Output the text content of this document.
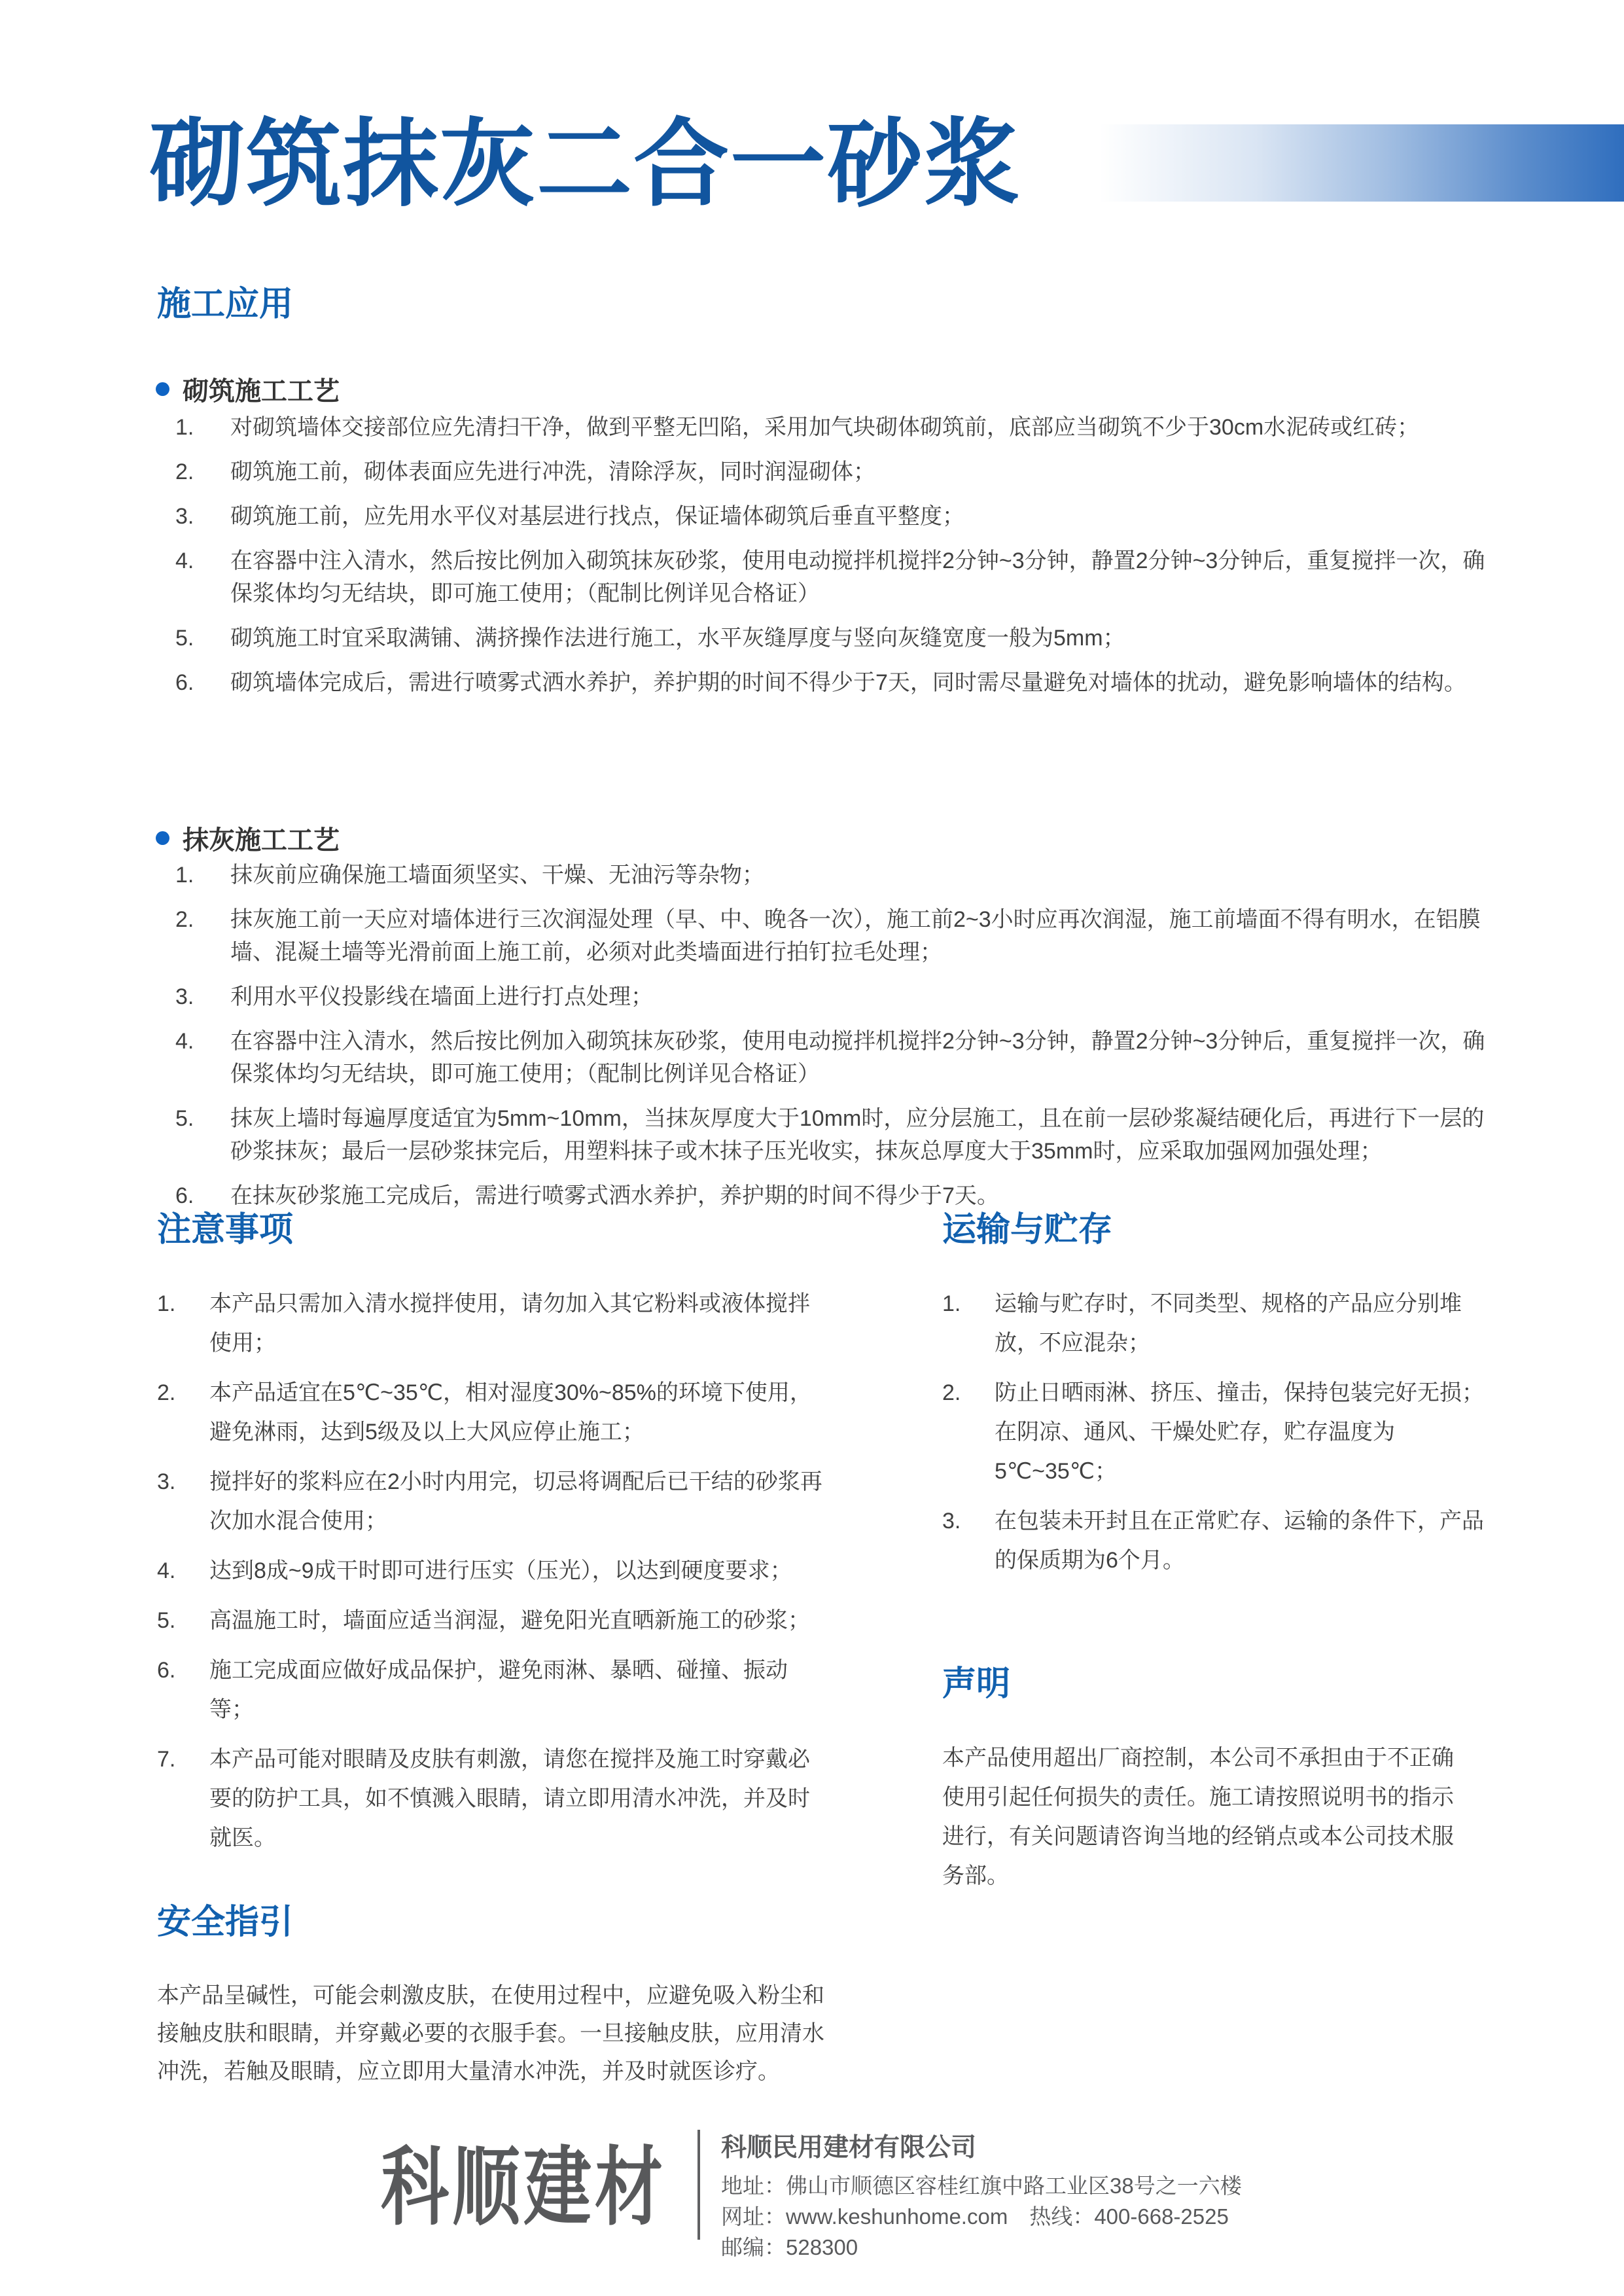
砌筑抹灰二合一砂浆
施工应用
砌筑施工工艺
1.	对砌筑墙体交接部位应先清扫干净，做到平整无凹陷，采用加气块砌体砌筑前，底部应当砌筑不少于30cm水泥砖或红砖；
2.	砌筑施工前，砌体表面应先进行冲洗，清除浮灰，同时润湿砌体；
3.	砌筑施工前，应先用水平仪对基层进行找点，保证墙体砌筑后垂直平整度；
4.	在容器中注入清水，然后按比例加入砌筑抹灰砂浆，使用电动搅拌机搅拌2分钟~3分钟，静置2分钟~3分钟后，重复搅拌一次，确保浆体均匀无结块，即可施工使用；（配制比例详见合格证）
5.	砌筑施工时宜采取满铺、满挤操作法进行施工，水平灰缝厚度与竖向灰缝宽度一般为5mm；
6.	砌筑墙体完成后，需进行喷雾式洒水养护，养护期的时间不得少于7天，同时需尽量避免对墙体的扰动，避免影响墙体的结构。
抹灰施工工艺
1.	抹灰前应确保施工墙面须坚实、干燥、无油污等杂物；
2.	抹灰施工前一天应对墙体进行三次润湿处理（早、中、晚各一次），施工前2~3小时应再次润湿，施工前墙面不得有明水，在铝膜墙、混凝土墙等光滑前面上施工前，必须对此类墙面进行拍钉拉毛处理；
3.	利用水平仪投影线在墙面上进行打点处理；
4.	在容器中注入清水，然后按比例加入砌筑抹灰砂浆，使用电动搅拌机搅拌2分钟~3分钟，静置2分钟~3分钟后，重复搅拌一次，确保浆体均匀无结块，即可施工使用；（配制比例详见合格证）
5.	抹灰上墙时每遍厚度适宜为5mm~10mm，当抹灰厚度大于10mm时，应分层施工，且在前一层砂浆凝结硬化后，再进行下一层的砂浆抹灰；最后一层砂浆抹完后，用塑料抹子或木抹子压光收实，抹灰总厚度大于35mm时，应采取加强网加强处理；
6.	在抹灰砂浆施工完成后，需进行喷雾式洒水养护，养护期的时间不得少于7天。
注意事项
1.	本产品只需加入清水搅拌使用，请勿加入其它粉料或液体搅拌使用；
2.	本产品适宜在5℃~35℃，相对湿度30%~85%的环境下使用，避免淋雨，达到5级及以上大风应停止施工；
3.	搅拌好的浆料应在2小时内用完，切忌将调配后已干结的砂浆再次加水混合使用；
4.	达到8成~9成干时即可进行压实（压光），以达到硬度要求；
5.	高温施工时，墙面应适当润湿，避免阳光直晒新施工的砂浆；
6.	施工完成面应做好成品保护，避免雨淋、暴晒、碰撞、振动等；
7.	本产品可能对眼睛及皮肤有刺激，请您在搅拌及施工时穿戴必要的防护工具，如不慎溅入眼睛，请立即用清水冲洗，并及时就医。
安全指引

本产品呈碱性，可能会刺激皮肤，在使用过程中，应避免吸入粉尘和接触皮肤和眼睛，并穿戴必要的衣服手套。一旦接触皮肤，应用清水冲洗，若触及眼睛，应立即用大量清水冲洗，并及时就医诊疗。

运输与贮存
1.	运输与贮存时，不同类型、规格的产品应分别堆放，不应混杂；
2.	防止日晒雨淋、挤压、撞击，保持包装完好无损；在阴凉、通风、干燥处贮存，贮存温度为5℃~35℃；
3.	在包装未开封且在正常贮存、运输的条件下，产品的保质期为6个月。
声明

本产品使用超出厂商控制，本公司不承担由于不正确使用引起任何损失的责任。施工请按照说明书的指示进行，有关问题请咨询当地的经销点或本公司技术服务部。

科顺建材 科顺民用建材有限公司
地址：佛山市顺德区容桂红旗中路工业区38号之一六楼
网址：www.keshunhome.com　热线：400-668-2525
邮编：528300
